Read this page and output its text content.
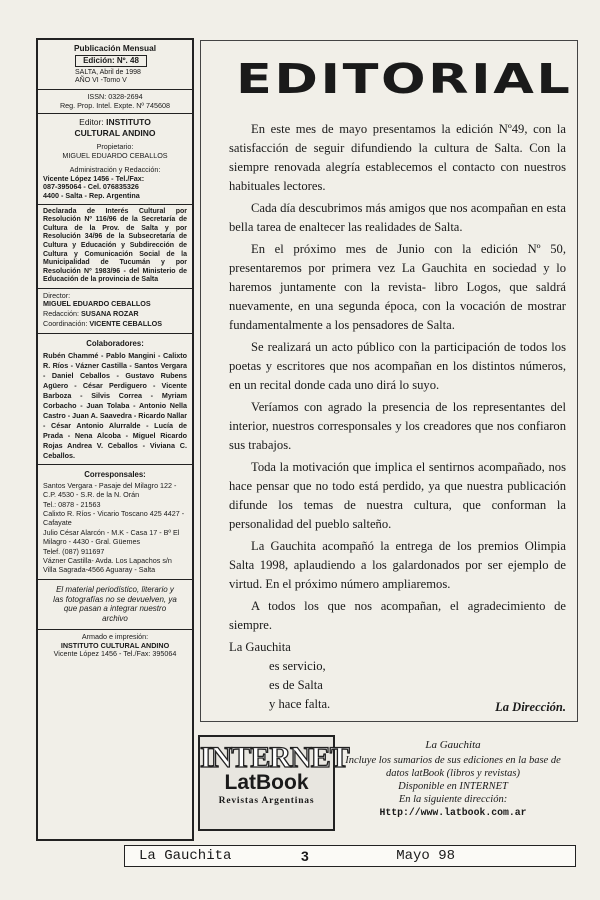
Publicación Mensual
Edición: Nº. 48
SALTA, Abril de 1998
AÑO VI -Tomo V
ISSN: 0328-2694
Reg. Prop. Intel. Expte. Nº 745608
Editor: INSTITUTO
CULTURAL ANDINO
Propietario:
MIGUEL EDUARDO CEBALLOS
Administración y Redacción:
Vicente López 1456 - Tel./Fax:
087-395064 - Cel. 076835326
4400 - Salta - Rep. Argentina
Declarada de Interés Cultural por Resolución Nº 116/96 de la Secretaría de Cultura de la Prov. de Salta y por Resolución 34/96 de la Subsecretaría de Cultura y Educación y Subdirección de Cultura y Comunicación Social de la Municipalidad de Tucumán y por Resolución Nº 1983/96 - del Ministerio de Educación de la provincia de Salta
Director:
MIGUEL EDUARDO CEBALLOS
Redacción: SUSANA ROZAR
Coordinación: VICENTE CEBALLOS
Colaboradores:
Rubén Chammé - Pablo Mangini - Calixto R. Ríos - Vázner Castilla - Santos Vergara - Daniel Ceballos - Gustavo Rubens Agüero - César Perdiguero - Vicente Barboza - Silvis Correa - Myriam Corbacho - Juan Tolaba - Antonio Nella Castro - Juan A. Saavedra - Ricardo Nallar - César Antonio Alurralde - Lucía de Prada - Nena Alcoba - Miguel Ricardo Rojas Andrea V. Ceballos - Viviana C. Ceballos.
Corresponsales:
Santos Vergara - Pasaje del Milagro 122 - C.P. 4530 - S.R. de la N. Orán
Tel.: 0878 - 21563
Calixto R. Ríos - Vicario Toscano 425 4427 - Cafayate
Julio César Alarcón - M.K - Casa 17 - Bº El Milagro - 4430 - Gral. Güemes
Telef. (087) 911697
Vázner Castilla- Avda. Los Lapachos s/n Villa Sagrada-4566 Aguaray - Salta
El material periodístico, literario y las fotografías no se devuelven, ya que pasan a integrar nuestro archivo
Armado e impresión:
INSTITUTO CULTURAL ANDINO
Vicente López 1456 - Tel./Fax: 395064
EDITORIAL

En este mes de mayo presentamos la edición Nº49, con la satisfacción de seguir difundiendo la cultura de Salta. Con la siempre renovada alegría establecemos el contacto con nuestros habituales lectores.

Cada día descubrimos más amigos que nos acompañan en esta bella tarea de enaltecer las realidades de Salta.

En el próximo mes de Junio con la edición Nº 50, presentaremos por primera vez La Gauchita en sociedad y lo haremos juntamente con la revista- libro Logos, que saldrá nuevamente, en una segunda época, con la vocación de mostrar fundamentalmente a los pensadores de Salta.

Se realizará un acto público con la participación de todos los poetas y escritores que nos acompañan en los distintos números, en un recital donde cada uno dirá lo suyo.

Veríamos con agrado la presencia de los representantes del interior, nuestros corresponsales y los creadores que nos confiaron sus trabajos.

Toda la motivación que implica el sentirnos acompañado, nos hace pensar que no todo está perdido, ya que nuestra publicación difunde los temas de nuestra cultura, que conforman la personalidad del pueblo salteño.

La Gauchita acompañó la entrega de los premios Olimpia Salta 1998, aplaudiendo a los galardonados por ser ejemplo de virtud. En el próximo número ampliaremos.

A todos los que nos acompañan, el agradecimiento de siempre.

La Gauchita
es servicio,
es de Salta
y hace falta.	La Dirección.
INTERNET
LatBook
Revistas Argentinas
La Gauchita
Incluye los sumarios de sus ediciones en la base de datos latBook (libros y revistas)
Disponible en INTERNET
En la siguiente dirección:
Http://www.latbook.com.ar
La Gauchita	3	Mayo 98
